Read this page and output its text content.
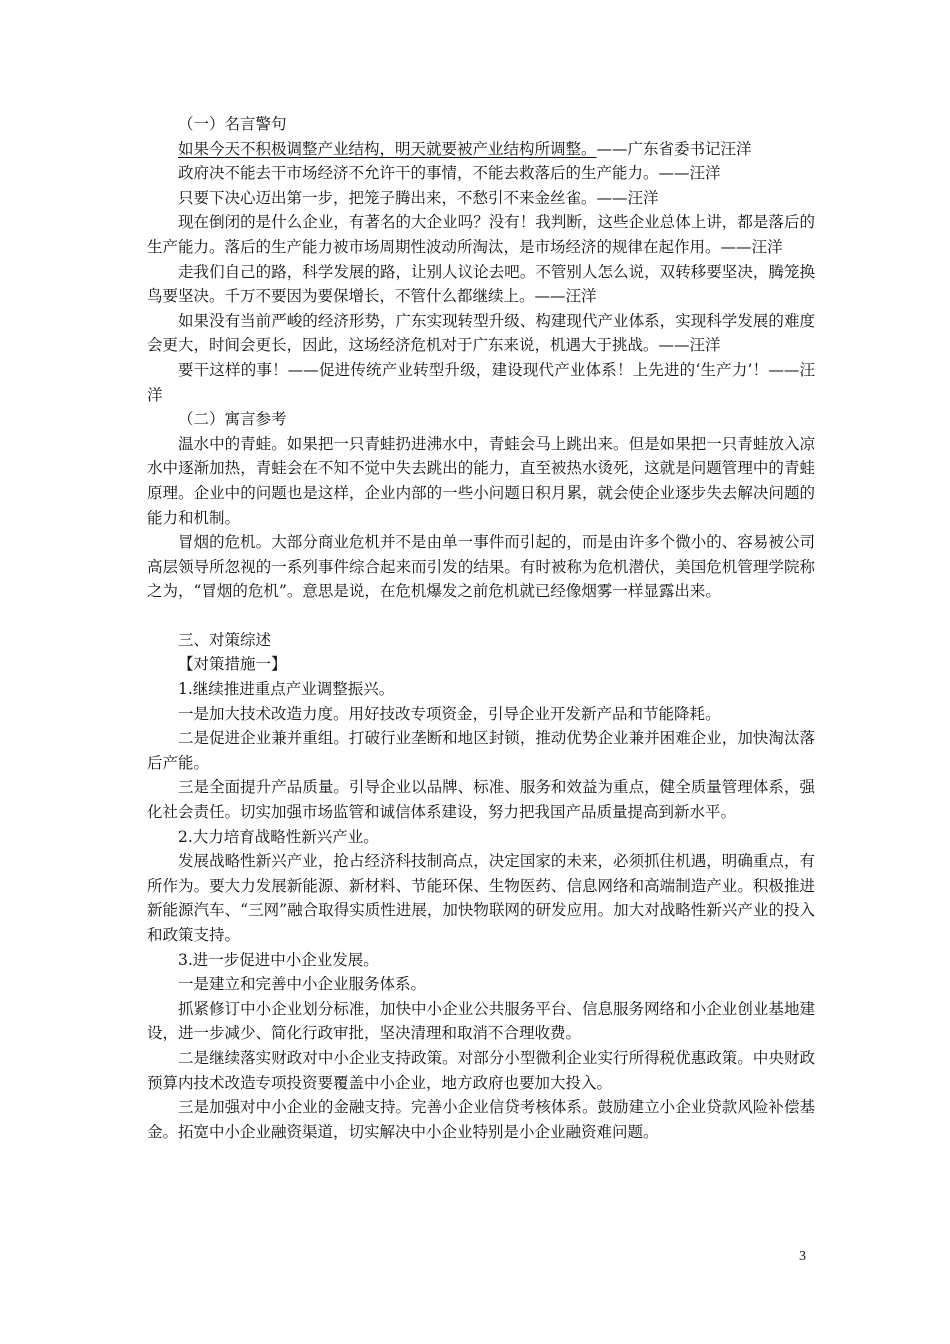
（一）名言警句

如果今天不积极调整产业结构，明天就要被产业结构所调整。——广东省委书记汪洋

政府决不能去干市场经济不允许干的事情，不能去救落后的生产能力。——汪洋

只要下决心迈出第一步，把笼子腾出来，不愁引不来金丝雀。——汪洋

现在倒闭的是什么企业，有著名的大企业吗？没有！我判断，这些企业总体上讲，都是落后的生产能力。落后的生产能力被市场周期性波动所淘汰，是市场经济的规律在起作用。——汪洋

走我们自己的路，科学发展的路，让别人议论去吧。不管别人怎么说，双转移要坚决，腾笼换鸟要坚决。千万不要因为要保增长，不管什么都继续上。——汪洋

如果没有当前严峻的经济形势，广东实现转型升级、构建现代产业体系，实现科学发展的难度会更大，时间会更长，因此，这场经济危机对于广东来说，机遇大于挑战。——汪洋

要干这样的事！——促进传统产业转型升级，建设现代产业体系！上先进的‘生产力’！——汪洋

（二）寓言参考

温水中的青蛙。如果把一只青蛙扔进沸水中，青蛙会马上跳出来。但是如果把一只青蛙放入凉水中逐渐加热，青蛙会在不知不觉中失去跳出的能力，直至被热水烫死，这就是问题管理中的青蛙原理。企业中的问题也是这样，企业内部的一些小问题日积月累，就会使企业逐步失去解决问题的能力和机制。

冒烟的危机。大部分商业危机并不是由单一事件而引起的，而是由许多个微小的、容易被公司高层领导所忽视的一系列事件综合起来而引发的结果。有时被称为危机潜伏，美国危机管理学院称之为，“冒烟的危机”。意思是说，在危机爆发之前危机就已经像烟雾一样显露出来。

三、对策综述

【对策措施一】

1.继续推进重点产业调整振兴。

一是加大技术改造力度。用好技改专项资金，引导企业开发新产品和节能降耗。

二是促进企业兼并重组。打破行业垄断和地区封锁，推动优势企业兼并困难企业，加快淘汰落后产能。

三是全面提升产品质量。引导企业以品牌、标准、服务和效益为重点，健全质量管理体系，强化社会责任。切实加强市场监管和诚信体系建设，努力把我国产品质量提高到新水平。

2.大力培育战略性新兴产业。

发展战略性新兴产业，抢占经济科技制高点，决定国家的未来，必须抓住机遇，明确重点，有所作为。要大力发展新能源、新材料、节能环保、生物医药、信息网络和高端制造产业。积极推进新能源汽车、“三网”融合取得实质性进展，加快物联网的研发应用。加大对战略性新兴产业的投入和政策支持。

3.进一步促进中小企业发展。

一是建立和完善中小企业服务体系。

抓紧修订中小企业划分标准，加快中小企业公共服务平台、信息服务网络和小企业创业基地建设，进一步减少、简化行政审批，坚决清理和取消不合理收费。

二是继续落实财政对中小企业支持政策。对部分小型微利企业实行所得税优惠政策。中央财政预算内技术改造专项投资要覆盖中小企业，地方政府也要加大投入。

三是加强对中小企业的金融支持。完善小企业信贷考核体系。鼓励建立小企业贷款风险补偿基金。拓宽中小企业融资渠道，切实解决中小企业特别是小企业融资难问题。

3
